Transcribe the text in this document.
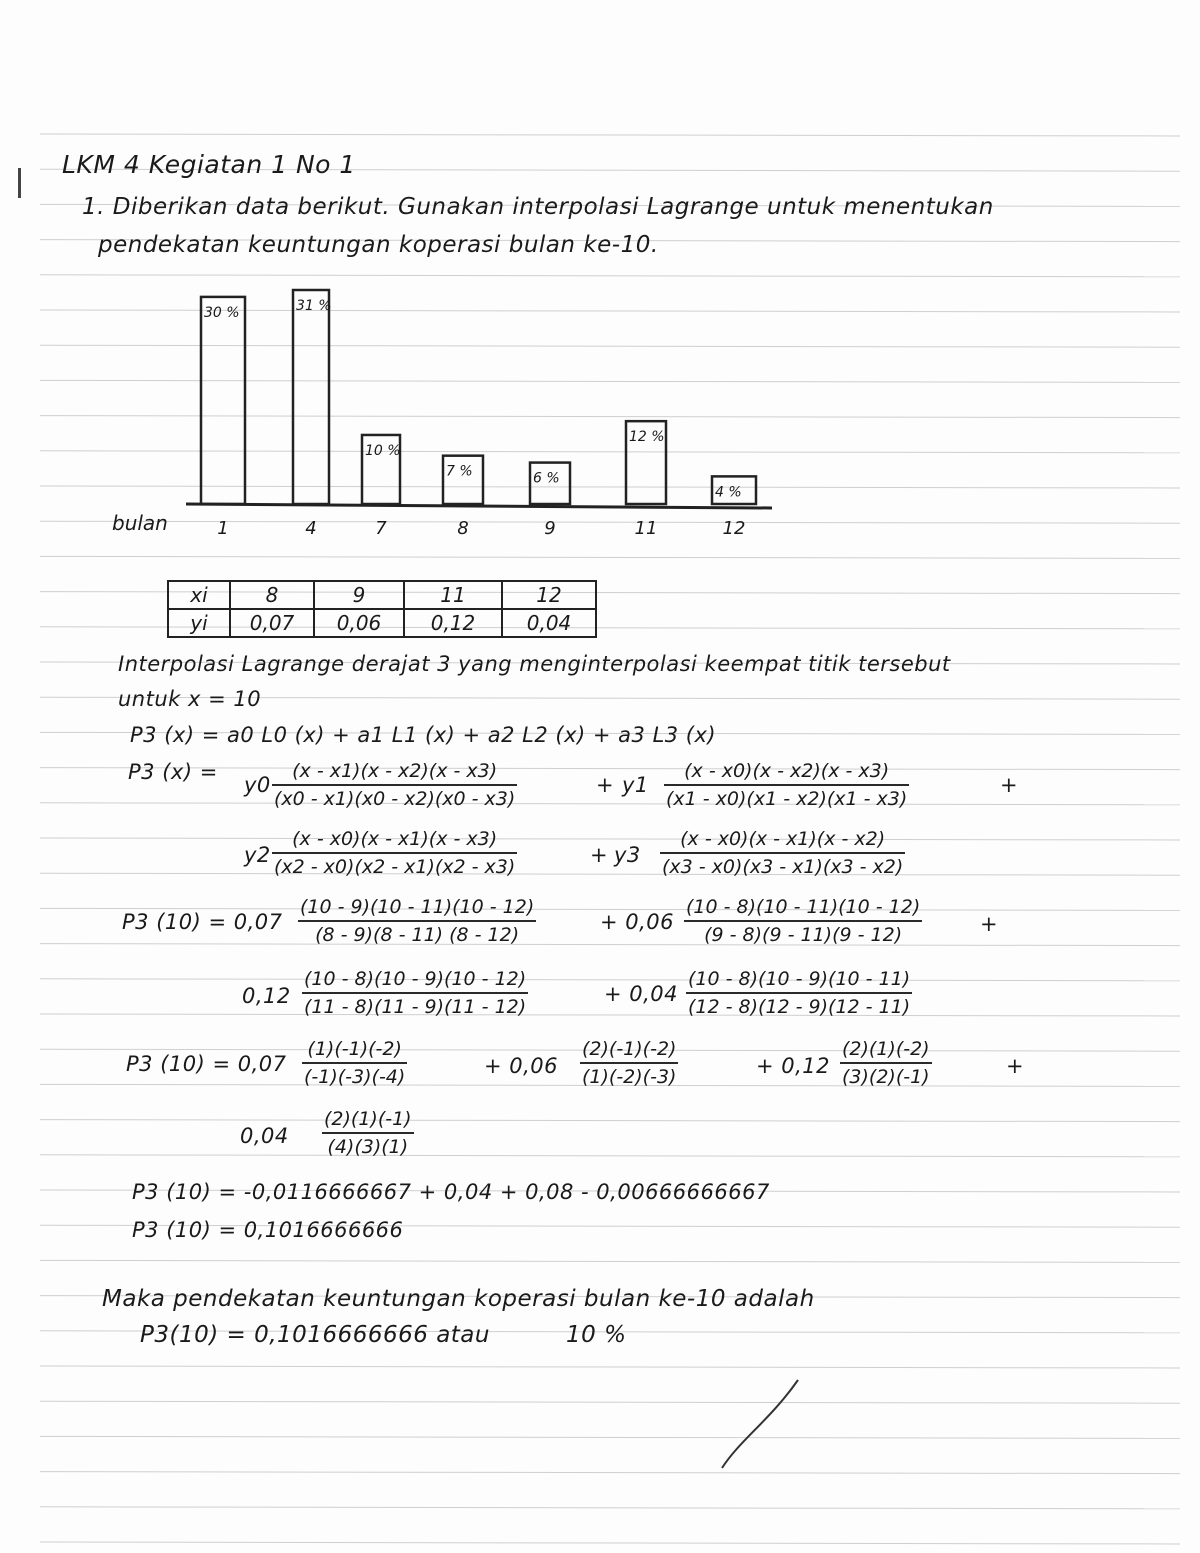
LKM 4 Kegiatan 1 No 1
1. Diberikan data berikut. Gunakan interpolasi Lagrange untuk menentukan
pendekatan keuntungan koperasi bulan ke-10.
bulan
30 %
1
31 %
4
10 %
7
7 %
8
6 %
9
12 %
11
4 %
12
xi	8	9	11	12
yi	0,07	0,06	0,12	0,04
Interpolasi Lagrange derajat 3 yang menginterpolasi keempat titik tersebut
untuk x = 10
P3 (x) = a0 L0 (x) + a1 L1 (x) + a2 L2 (x) + a3 L3 (x)
P3 (x) =
$y0 \frac{(x - x1)(x - x2)(x - x3)}{(x0 - x1)(x0 - x2)(x0 - x3)}$	+ $y1 \frac{(x - x0)(x - x2)(x - x3)}{(x1 - x0)(x1 - x2)(x1 - x3)}$	+
$y2 \frac{(x - x0)(x - x1)(x - x3)}{(x2 - x0)(x2 - x1)(x2 - x3)}$	+ $y3 \frac{(x - x0)(x - x1)(x - x2)}{(x3 - x0)(x3 - x1)(x3 - x2)}$
P3 $(10) = 0,07 \frac{(10 - 9)(10 - 11)(10 - 12)}{(8 - 9)(8 - 11) (8 - 12)}$	+ $0,06 \frac{(10 - 8)(10 - 11)(10 - 12)}{(9 - 8)(9 - 11)(9 - 12)}$	+
$0,12 \frac{(10 - 8)(10 - 9)(10 - 12)}{(11 - 8)(11 - 9)(11 - 12)}$	+ $0,04 \frac{(10 - 8)(10 - 9)(10 - 11)}{(12 - 8)(12 - 9)(12 - 11)}$
P3 $(10) = 0,07 \frac{(1)(-1)(-2)}{(-1)(-3)(-4)}$	+ $0,06 \frac{(2)(-1)(-2)}{(1)(-2)(-3)}$	+ $0,12 \frac{(2)(1)(-2)}{(3)(2)(-1)}$	+
$0,04 \frac{(2)(1)(-1)}{(4)(3)(1)}$
P3 (10) = -0,0116666667 + 0,04 + 0,08 - 0,00666666667
P3 (10) = 0,1016666666
Maka pendekatan keuntungan koperasi bulan ke-10 adalah
P3(10) = 0,1016666666 atau	10 %
